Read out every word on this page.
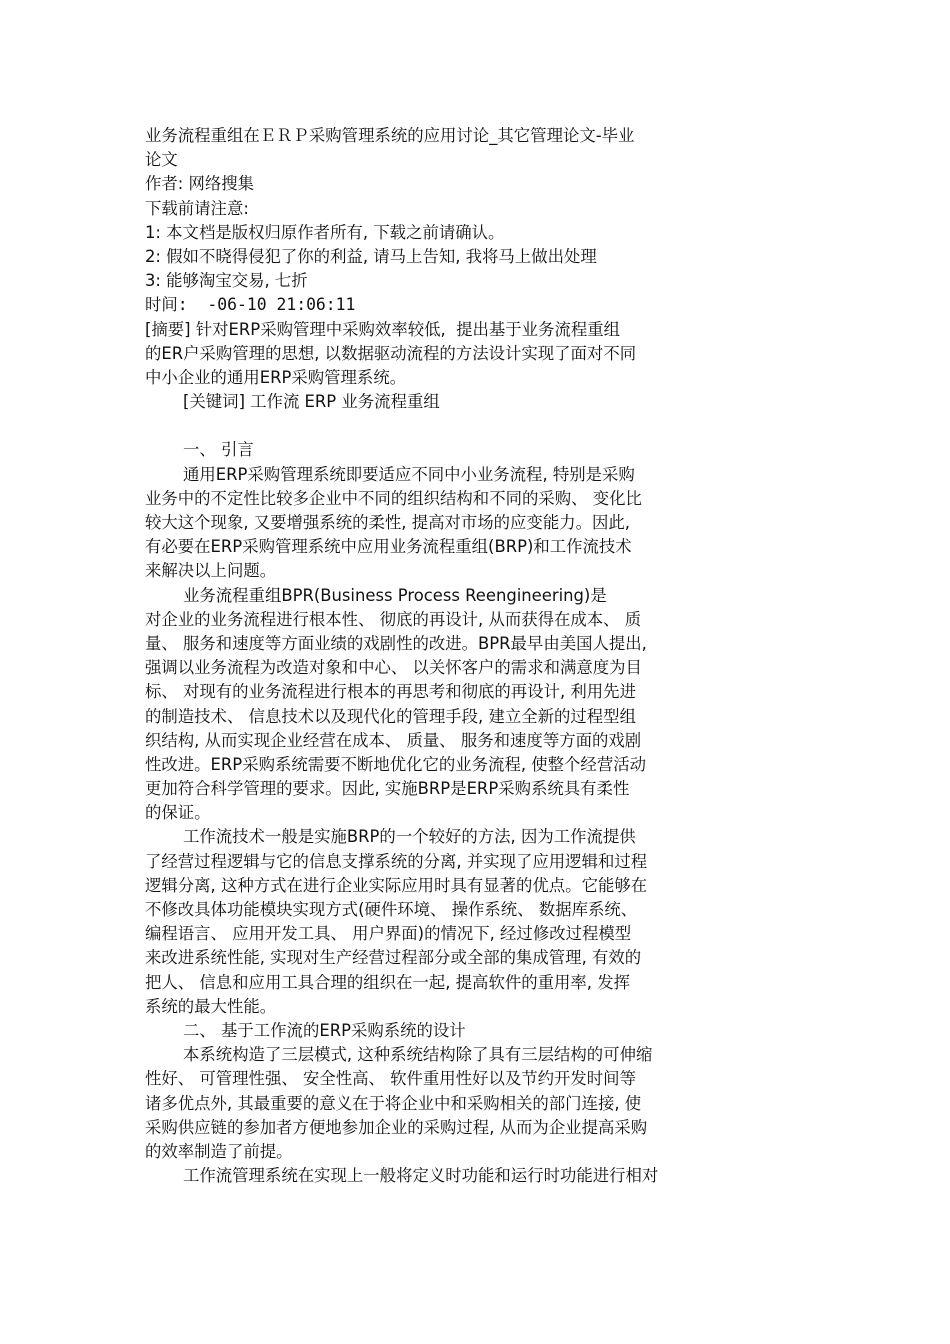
业务流程重组在ＥＲＰ采购管理系统的应用讨论_其它管理论文-毕业
论文
作者: 网络搜集
下载前请注意:
1: 本文档是版权归原作者所有, 下载之前请确认。
2: 假如不晓得侵犯了你的利益, 请马上告知, 我将马上做出处理
3: 能够淘宝交易, 七折
时间:  -06-10 21:06:11
[摘要] 针对ERP采购管理中采购效率较低,  提出基于业务流程重组
的ER户采购管理的思想, 以数据驱动流程的方法设计实现了面对不同
中小企业的通用ERP采购管理系统。
[关键词] 工作流 ERP 业务流程重组
一、 引言
通用ERP采购管理系统即要适应不同中小业务流程, 特别是采购
业务中的不定性比较多企业中不同的组织结构和不同的采购、 变化比
较大这个现象, 又要增强系统的柔性, 提高对市场的应变能力。因此,
有必要在ERP采购管理系统中应用业务流程重组(BRP)和工作流技术
来解决以上问题。
业务流程重组BPR(Business Process Reengineering)是
对企业的业务流程进行根本性、 彻底的再设计, 从而获得在成本、 质
量、 服务和速度等方面业绩的戏剧性的改进。BPR最早由美国人提出,
强调以业务流程为改造对象和中心、 以关怀客户的需求和满意度为目
标、 对现有的业务流程进行根本的再思考和彻底的再设计, 利用先进
的制造技术、 信息技术以及现代化的管理手段, 建立全新的过程型组
织结构, 从而实现企业经营在成本、 质量、 服务和速度等方面的戏剧
性改进。ERP采购系统需要不断地优化它的业务流程, 使整个经营活动
更加符合科学管理的要求。因此, 实施BRP是ERP采购系统具有柔性
的保证。
工作流技术一般是实施BRP的一个较好的方法, 因为工作流提供
了经营过程逻辑与它的信息支撑系统的分离, 并实现了应用逻辑和过程
逻辑分离, 这种方式在进行企业实际应用时具有显著的优点。它能够在
不修改具体功能模块实现方式(硬件环境、 操作系统、 数据库系统、
编程语言、 应用开发工具、 用户界面)的情况下, 经过修改过程模型
来改进系统性能, 实现对生产经营过程部分或全部的集成管理, 有效的
把人、 信息和应用工具合理的组织在一起, 提高软件的重用率, 发挥
系统的最大性能。
二、 基于工作流的ERP采购系统的设计
本系统构造了三层模式, 这种系统结构除了具有三层结构的可伸缩
性好、 可管理性强、 安全性高、 软件重用性好以及节约开发时间等
诸多优点外, 其最重要的意义在于将企业中和采购相关的部门连接, 使
采购供应链的参加者方便地参加企业的采购过程, 从而为企业提高采购
的效率制造了前提。
工作流管理系统在实现上一般将定义时功能和运行时功能进行相对
